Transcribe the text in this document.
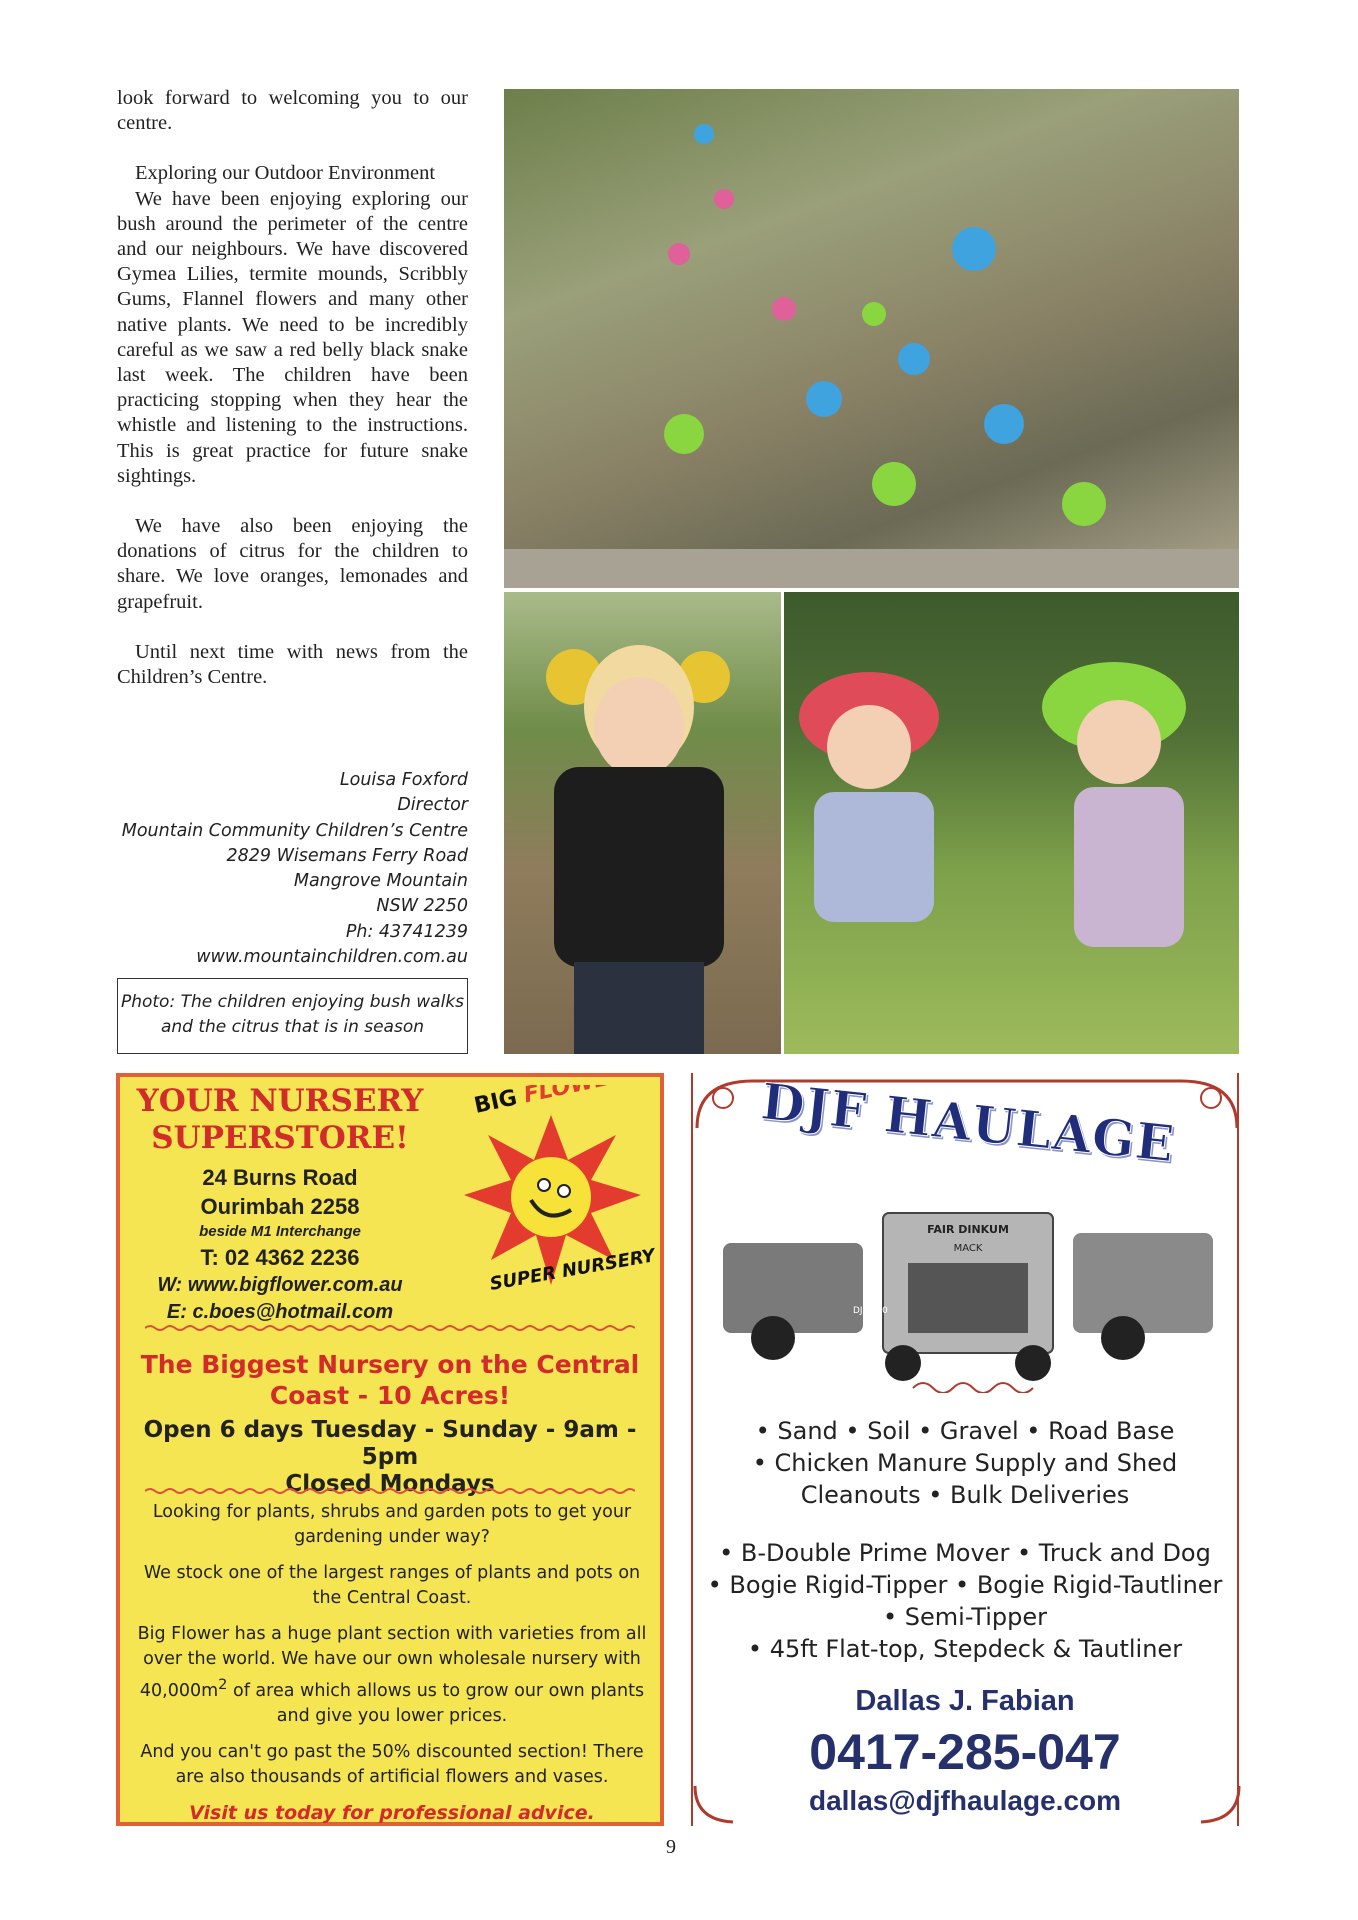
look forward to welcoming you to our centre.

Exploring our Outdoor Environment

We have been enjoying exploring our bush around the perimeter of the centre and our neighbours. We have discovered Gymea Lilies, termite mounds, Scribbly Gums, Flannel flowers and many other native plants. We need to be incredibly careful as we saw a red belly black snake last week. The children have been practicing stopping when they hear the whistle and listening to the instructions. This is great practice for future snake sightings.

We have also been enjoying the donations of citrus for the children to share. We love oranges, lemonades and grapefruit.

Until next time with news from the Children’s Centre.

Louisa Foxford
Director
Mountain Community Children’s Centre
2829 Wisemans Ferry Road
Mangrove Mountain
NSW 2250
Ph: 43741239
www.mountainchildren.com.au
Photo: The children enjoying bush walks and the citrus that is in season
YOUR NURSERY SUPERSTORE!
24 Burns Road
Ourimbah 2258
beside M1 Interchange
T: 02 4362 2236
W: www.bigflower.com.au
E: c.boes@hotmail.com
BIG FLOWER
SUPER NURSERY
The Biggest Nursery on the Central Coast - 10 Acres!
Open 6 days Tuesday - Sunday - 9am - 5pm
Closed Mondays

Looking for plants, shrubs and garden pots to get your gardening under way?

We stock one of the largest ranges of plants and pots on the Central Coast.

Big Flower has a huge plant section with varieties from all over the world. We have our own wholesale nursery with $40,000m^2$ of area which allows us to grow our own plants and give you lower prices.

And you can't go past the 50% discounted section! There are also thousands of artificial flowers and vases.

Visit us today for professional advice.

DJF HAULAGE
FAIR DINKUM
MACK
DJF 400
• Sand • Soil • Gravel • Road Base
• Chicken Manure Supply and Shed
Cleanouts • Bulk Deliveries
• B-Double Prime Mover • Truck and Dog
• Bogie Rigid-Tipper • Bogie Rigid-Tautliner
• Semi-Tipper
• 45ft Flat-top, Stepdeck & Tautliner
Dallas J. Fabian
0417-285-047
dallas@djfhaulage.com
9
